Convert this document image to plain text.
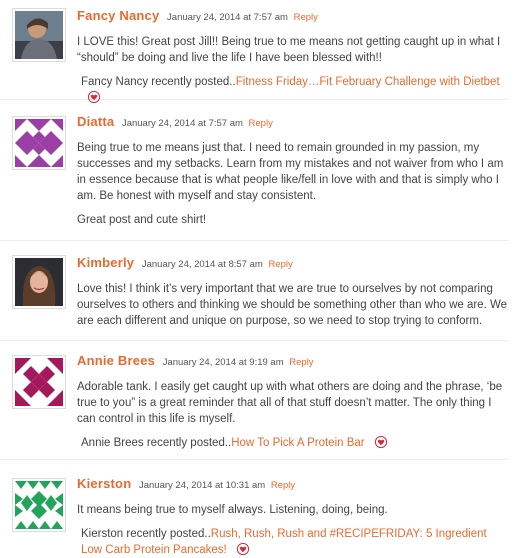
Fancy Nancy January 24, 2014 at 7:57 am Reply

I LOVE this! Great post Jill!! Being true to me means not getting caught up in what I “should” be doing and live the life I have been blessed with!!

Fancy Nancy recently posted..Fitness Friday…Fit February Challenge with Dietbet
Diatta January 24, 2014 at 7:57 am Reply

Being true to me means just that. I need to remain grounded in my passion, my successes and my setbacks. Learn from my mistakes and not waiver from who I am in essence because that is what people like/fell in love with and that is simply who I am. Be honest with myself and stay consistent.

Great post and cute shirt!

Kimberly January 24, 2014 at 8:57 am Reply

Love this! I think it’s very important that we are true to ourselves by not comparing ourselves to others and thinking we should be something other than who we are. We are each different and unique on purpose, so we need to stop trying to conform.

Annie Brees January 24, 2014 at 9:19 am Reply

Adorable tank. I easily get caught up with what others are doing and the phrase, ‘be true to you” is a great reminder that all of that stuff doesn’t matter. The only thing I can control in this life is myself.

Annie Brees recently posted..How To Pick A Protein Bar
Kierston January 24, 2014 at 10:31 am Reply

It means being true to myself always. Listening, doing, being.

Kierston recently posted..Rush, Rush, Rush and #RECIPEFRIDAY: 5 Ingredient Low Carb Protein Pancakes!
